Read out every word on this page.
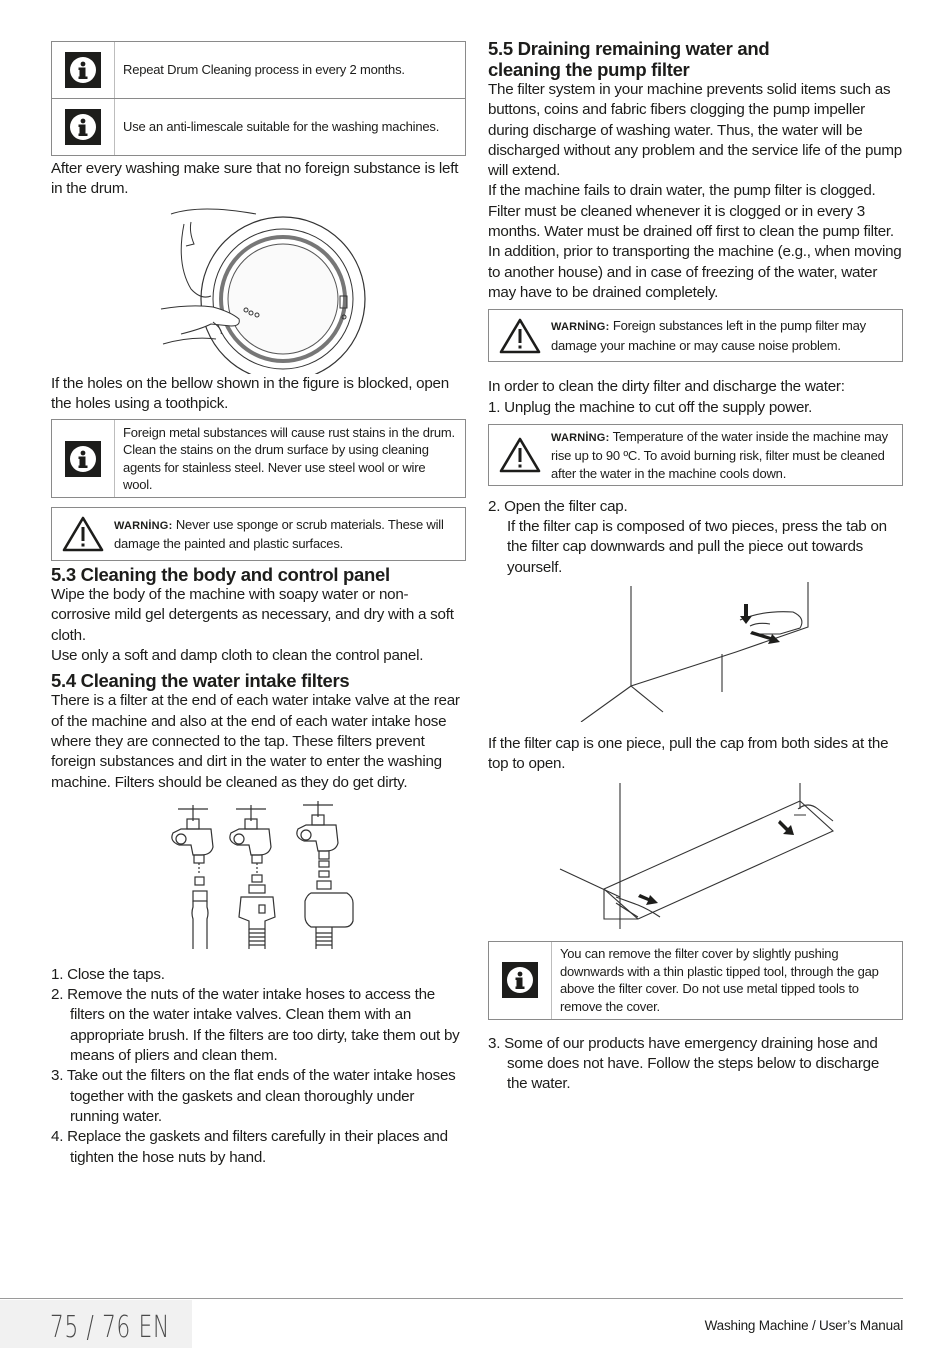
Repeat Drum Cleaning process in every 2 months.
Use an anti-limescale suitable for the washing machines.

After every washing make sure that no foreign substance is left in the drum.

If the holes on the bellow shown in the figure is blocked, open the holes using a toothpick.

Foreign metal substances will cause rust stains in the drum. Clean the stains on the drum surface by using cleaning agents for stainless steel. Never use steel wool or wire wool.
WARNİNG: Never use sponge or scrub materials. These will damage the painted and plastic surfaces.
5.3 Cleaning the body and control panel

Wipe the body of the machine with soapy water or non-corrosive mild gel detergents as necessary, and dry with a soft cloth.

Use only a soft and damp cloth to clean the control panel.

5.4 Cleaning the water intake filters

There is a filter at the end of each water intake valve at the rear of the machine and also at the end of each water intake hose where they are connected to the tap. These filters prevent foreign substances and dirt in the water to enter the washing machine. Filters should be cleaned as they do get dirty.

1. Close the taps.
2. Remove the nuts of the water intake hoses to access the filters on the water intake valves. Clean them with an appropriate brush. If the filters are too dirty, take them out by means of pliers and clean them.
3. Take out the filters on the flat ends of the water intake hoses together with the gaskets and clean thoroughly under running water.
4. Replace the gaskets and filters carefully in their places and tighten the hose nuts by hand.
5.5 Draining remaining water and cleaning the pump filter

The filter system in your machine prevents solid items such as buttons, coins and fabric fibers clogging the pump impeller during discharge of washing water. Thus, the water will be discharged without any problem and the service life of the pump will extend.

If the machine fails to drain water, the pump filter is clogged. Filter must be cleaned whenever it is clogged or in every 3 months. Water must be drained off first to clean the pump filter.

In addition, prior to transporting the machine (e.g., when moving to another house) and in case of freezing of the water, water may have to be drained completely.

WARNİNG: Foreign substances left in the pump filter may damage your machine or may cause noise problem.

In order to clean the dirty filter and discharge the water:

1. Unplug the machine to cut off the supply power.

WARNİNG: Temperature of the water inside the machine may rise up to 90 ºC. To avoid burning risk, filter must be cleaned after the water in the machine cools down.

2. Open the filter cap.

If the filter cap is composed of two pieces, press the tab on the filter cap downwards and pull the piece out towards yourself.

If the filter cap is one piece, pull the cap from both sides at the top to open.

You can remove the filter cover by slightly pushing downwards with a thin plastic tipped tool, through the gap above the filter cover. Do not use metal tipped tools to remove the cover.
3. Some of our products have emergency draining hose and some does not have. Follow the steps below to discharge the water.
75 / 76 EN	Washing Machine / User’s Manual
